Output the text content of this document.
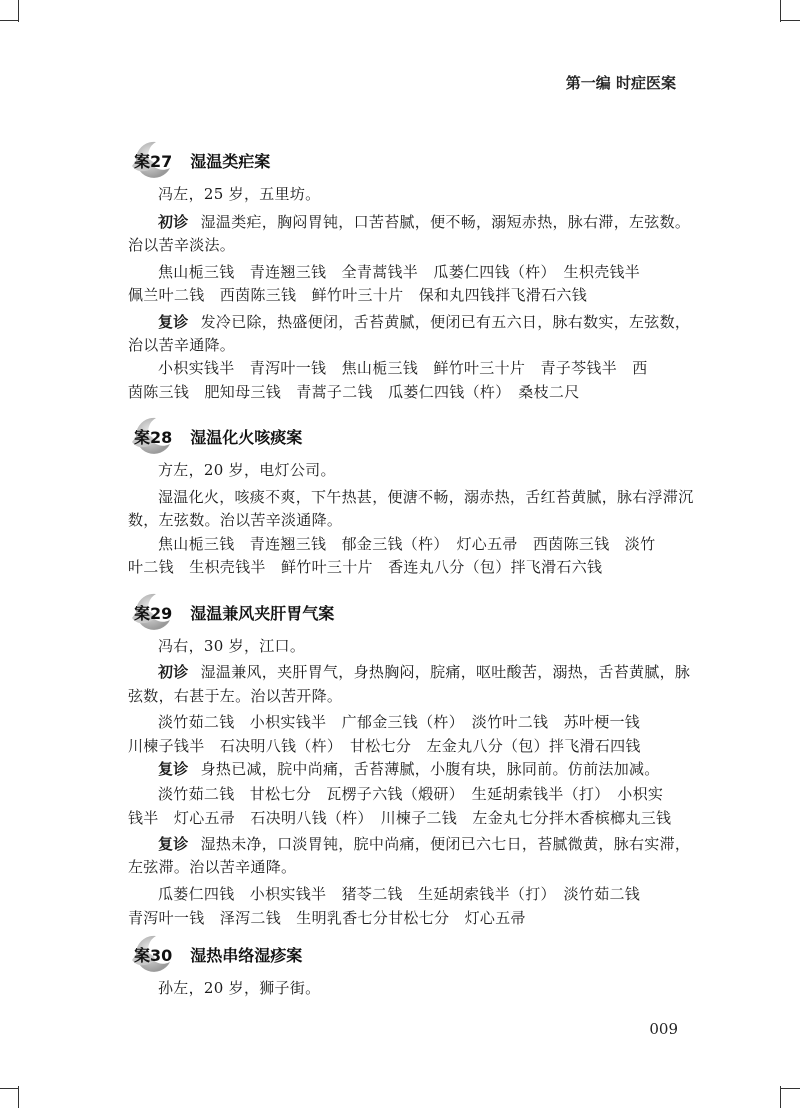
第一编 时症医案
案27 湿温类疟案
冯左，25 岁，五里坊。
初诊 湿温类疟，胸闷胃钝，口苦苔腻，便不畅，溺短赤热，脉右滞，左弦数。
治以苦辛淡法。
焦山栀三钱　青连翘三钱　全青蒿钱半　瓜蒌仁四钱（杵）　生枳壳钱半
佩兰叶二钱　西茵陈三钱　鲜竹叶三十片　保和丸四钱拌飞滑石六钱
复诊 发冷已除，热盛便闭，舌苔黄腻，便闭已有五六日，脉右数实，左弦数，
治以苦辛通降。
小枳实钱半　青泻叶一钱　焦山栀三钱　鲜竹叶三十片　青子芩钱半　西
茵陈三钱　肥知母三钱　青蒿子二钱　瓜蒌仁四钱（杵）　桑枝二尺
案28 湿温化火咳痰案
方左，20 岁，电灯公司。
湿温化火，咳痰不爽，下午热甚，便溏不畅，溺赤热，舌红苔黄腻，脉右浮滞沉
数，左弦数。治以苦辛淡通降。
焦山栀三钱　青连翘三钱　郁金三钱（杵）　灯心五帚　西茵陈三钱　淡竹
叶二钱　生枳壳钱半　鲜竹叶三十片　香连丸八分（包）拌飞滑石六钱
案29 湿温兼风夹肝胃气案
冯右，30 岁，江口。
初诊 湿温兼风，夹肝胃气，身热胸闷，脘痛，呕吐酸苦，溺热，舌苔黄腻，脉
弦数，右甚于左。治以苦开降。
淡竹茹二钱　小枳实钱半　广郁金三钱（杵）　淡竹叶二钱　苏叶梗一钱
川楝子钱半　石决明八钱（杵）　甘松七分　左金丸八分（包）拌飞滑石四钱
复诊 身热已减，脘中尚痛，舌苔薄腻，小腹有块，脉同前。仿前法加减。
淡竹茹二钱　甘松七分　瓦楞子六钱（煅研）　生延胡索钱半（打）　小枳实
钱半　灯心五帚　石决明八钱（杵）　川楝子二钱　左金丸七分拌木香槟榔丸三钱
复诊 湿热未净，口淡胃钝，脘中尚痛，便闭已六七日，苔腻微黄，脉右实滞，
左弦滞。治以苦辛通降。
瓜蒌仁四钱　小枳实钱半　猪苓二钱　生延胡索钱半（打）　淡竹茹二钱
青泻叶一钱　泽泻二钱　生明乳香七分甘松七分　灯心五帚
案30 湿热串络湿疹案
孙左，20 岁，狮子街。
009
